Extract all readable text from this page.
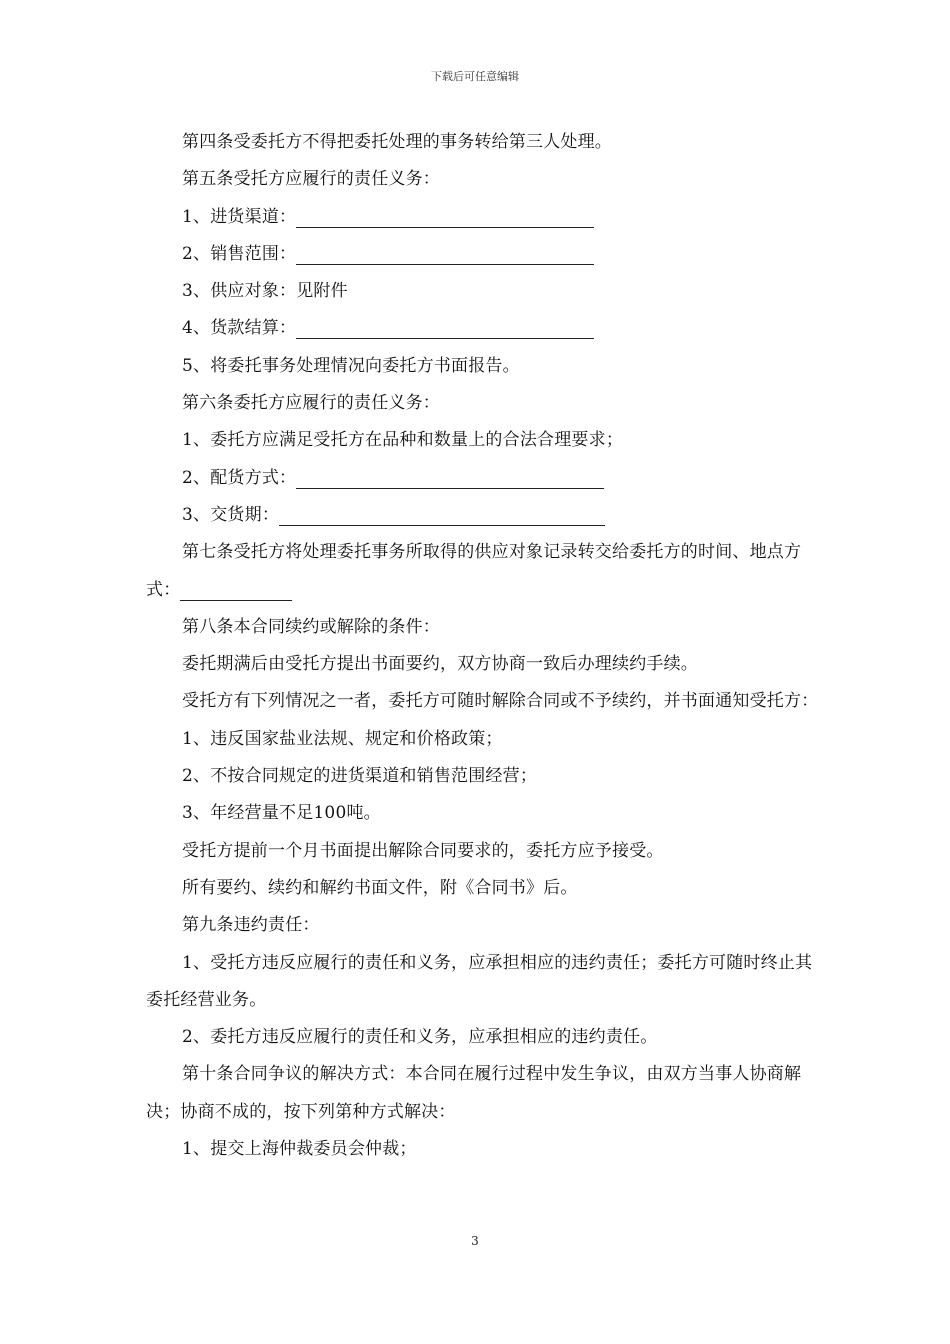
下载后可任意编辑

第四条受委托方不得把委托处理的事务转给第三人处理。

第五条受托方应履行的责任义务：

1、进货渠道：

2、销售范围：

3、供应对象：见附件

4、货款结算：

5、将委托事务处理情况向委托方书面报告。

第六条委托方应履行的责任义务：

1、委托方应满足受托方在品种和数量上的合法合理要求；

2、配货方式：

3、交货期：

第七条受托方将处理委托事务所取得的供应对象记录转交给委托方的时间、地点方式：

第八条本合同续约或解除的条件：

委托期满后由受托方提出书面要约，双方协商一致后办理续约手续。

受托方有下列情况之一者，委托方可随时解除合同或不予续约，并书面通知受托方：

1、违反国家盐业法规、规定和价格政策；

2、不按合同规定的进货渠道和销售范围经营；

3、年经营量不足100吨。

受托方提前一个月书面提出解除合同要求的，委托方应予接受。

所有要约、续约和解约书面文件，附《合同书》后。

第九条违约责任：

1、受托方违反应履行的责任和义务，应承担相应的违约责任；委托方可随时终止其委托经营业务。

2、委托方违反应履行的责任和义务，应承担相应的违约责任。

第十条合同争议的解决方式：本合同在履行过程中发生争议，由双方当事人协商解决；协商不成的，按下列第种方式解决：

1、提交上海仲裁委员会仲裁；

3
